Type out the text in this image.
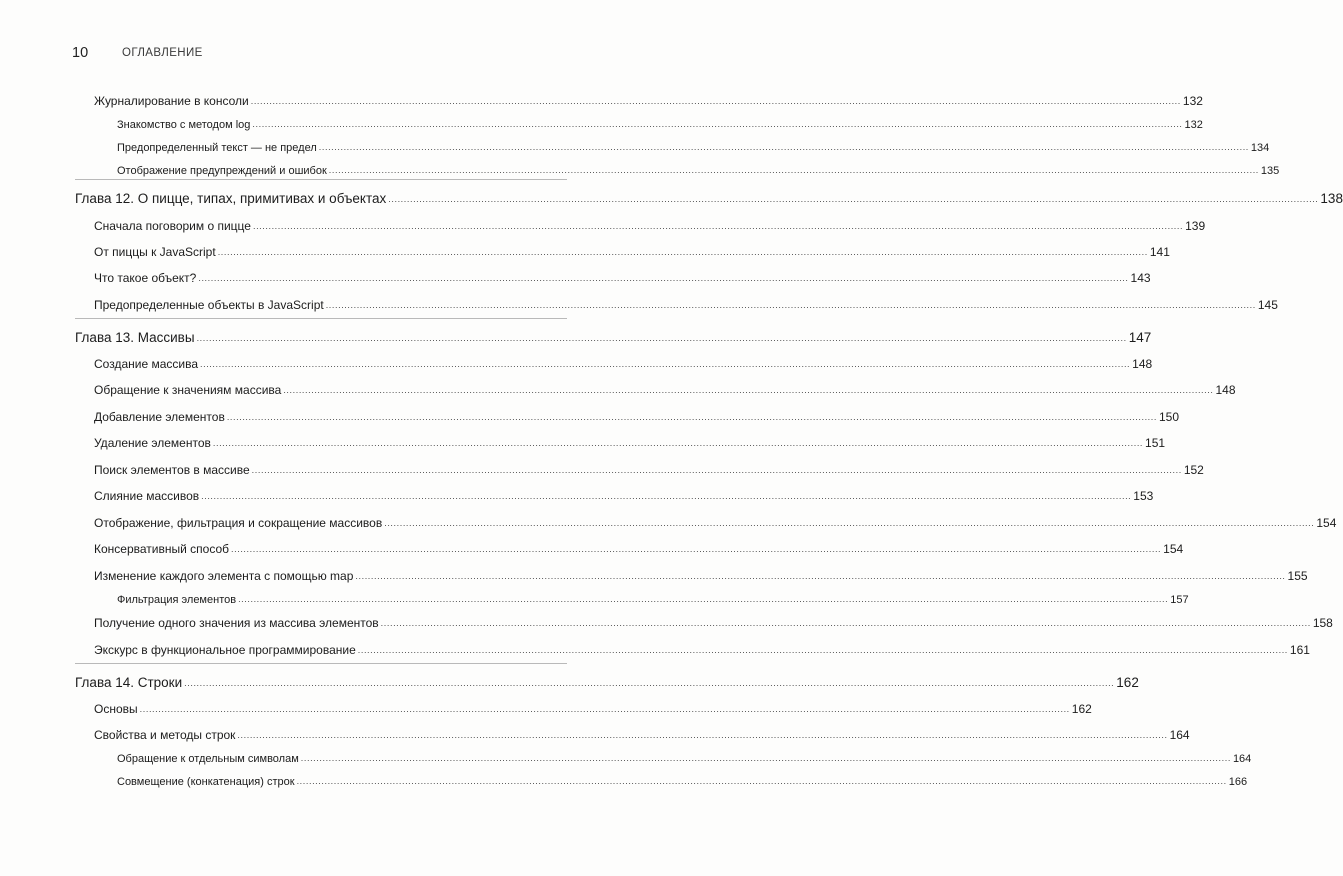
10	ОГЛАВЛЕНИЕ
Журналирование в консоли ............................................................................................................................................................................................................................................................................................................ 132
Знакомство с методом log ............................................................................................................................................................................................................................................................................................................ 132
Предопределенный текст — не предел ............................................................................................................................................................................................................................................................................................................ 134
Отображение предупреждений и ошибок ............................................................................................................................................................................................................................................................................................................ 135
Глава 12. О пицце, типах, примитивах и объектах ............................................................................................................................................................................................................................................................................................................ 138
Сначала поговорим о пицце ............................................................................................................................................................................................................................................................................................................ 139
От пиццы к JavaScript ............................................................................................................................................................................................................................................................................................................ 141
Что такое объект? ............................................................................................................................................................................................................................................................................................................ 143
Предопределенные объекты в JavaScript ............................................................................................................................................................................................................................................................................................................ 145
Глава 13. Массивы ............................................................................................................................................................................................................................................................................................................ 147
Создание массива ............................................................................................................................................................................................................................................................................................................ 148
Обращение к значениям массива ............................................................................................................................................................................................................................................................................................................ 148
Добавление элементов ............................................................................................................................................................................................................................................................................................................ 150
Удаление элементов ............................................................................................................................................................................................................................................................................................................ 151
Поиск элементов в массиве ............................................................................................................................................................................................................................................................................................................ 152
Слияние массивов ............................................................................................................................................................................................................................................................................................................ 153
Отображение, фильтрация и сокращение массивов ............................................................................................................................................................................................................................................................................................................ 154
Консервативный способ ............................................................................................................................................................................................................................................................................................................ 154
Изменение каждого элемента с помощью map ............................................................................................................................................................................................................................................................................................................ 155
Фильтрация элементов ............................................................................................................................................................................................................................................................................................................ 157
Получение одного значения из массива элементов ............................................................................................................................................................................................................................................................................................................ 158
Экскурс в функциональное программирование ............................................................................................................................................................................................................................................................................................................ 161
Глава 14. Строки ............................................................................................................................................................................................................................................................................................................ 162
Основы ............................................................................................................................................................................................................................................................................................................ 162
Свойства и методы строк ............................................................................................................................................................................................................................................................................................................ 164
Обращение к отдельным символам ............................................................................................................................................................................................................................................................................................................ 164
Совмещение (конкатенация) строк ............................................................................................................................................................................................................................................................................................................ 166
